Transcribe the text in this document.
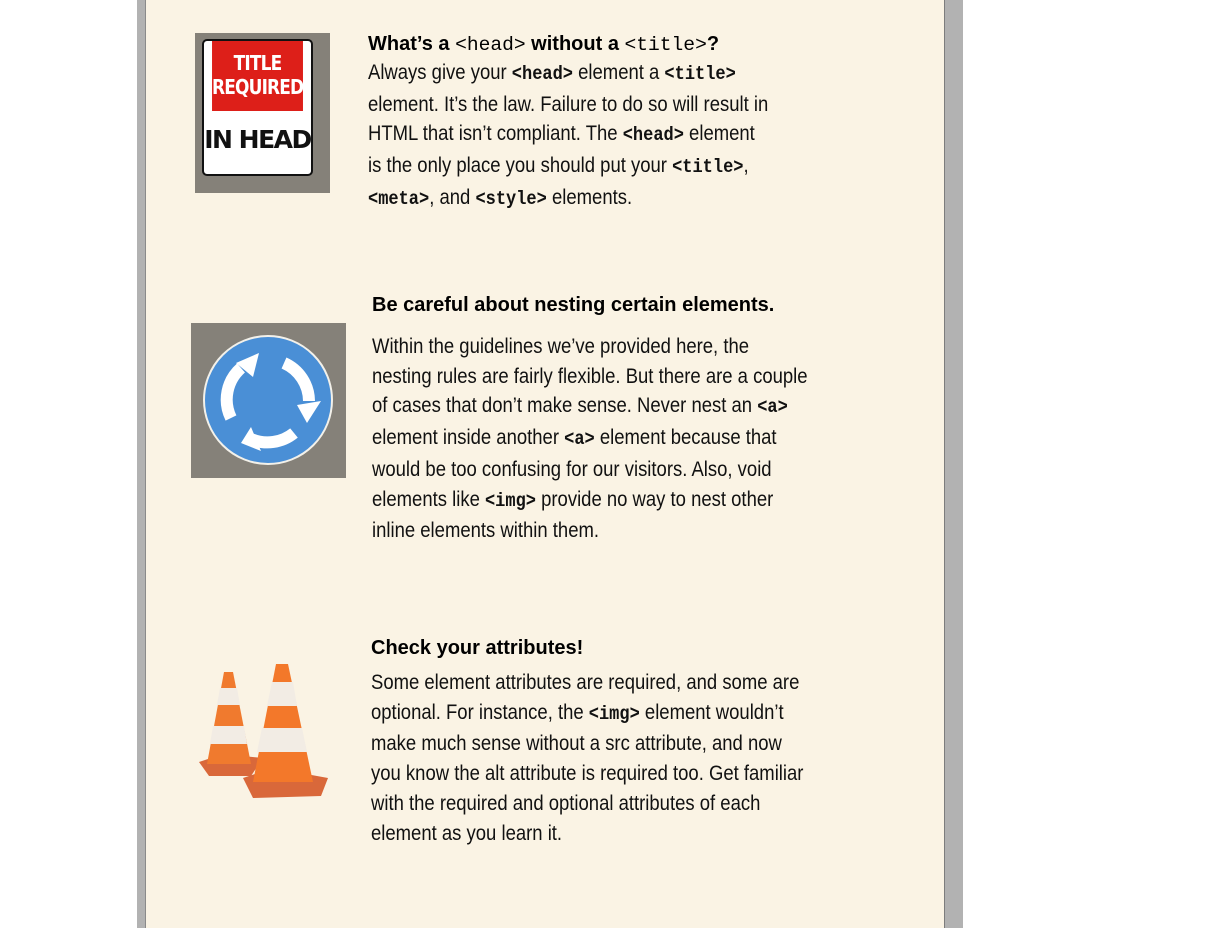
TITLE
REQUIRED
IN HEAD

What’s a <head> without a <title>?

Always give your <head> element a <title>
element. It’s the law. Failure to do so will result in
HTML that isn’t compliant. The <head> element
is the only place you should put your <title>,
<meta>, and <style> elements.

Be careful about nesting certain elements.

Within the guidelines we’ve provided here, the
nesting rules are fairly flexible. But there are a couple
of cases that don’t make sense. Never nest an <a>
element inside another <a> element because that
would be too confusing for our visitors. Also, void
elements like <img> provide no way to nest other
inline elements within them.

Check your attributes!

Some element attributes are required, and some are
optional. For instance, the <img> element wouldn’t
make much sense without a src attribute, and now
you know the alt attribute is required too. Get familiar
with the required and optional attributes of each
element as you learn it.
